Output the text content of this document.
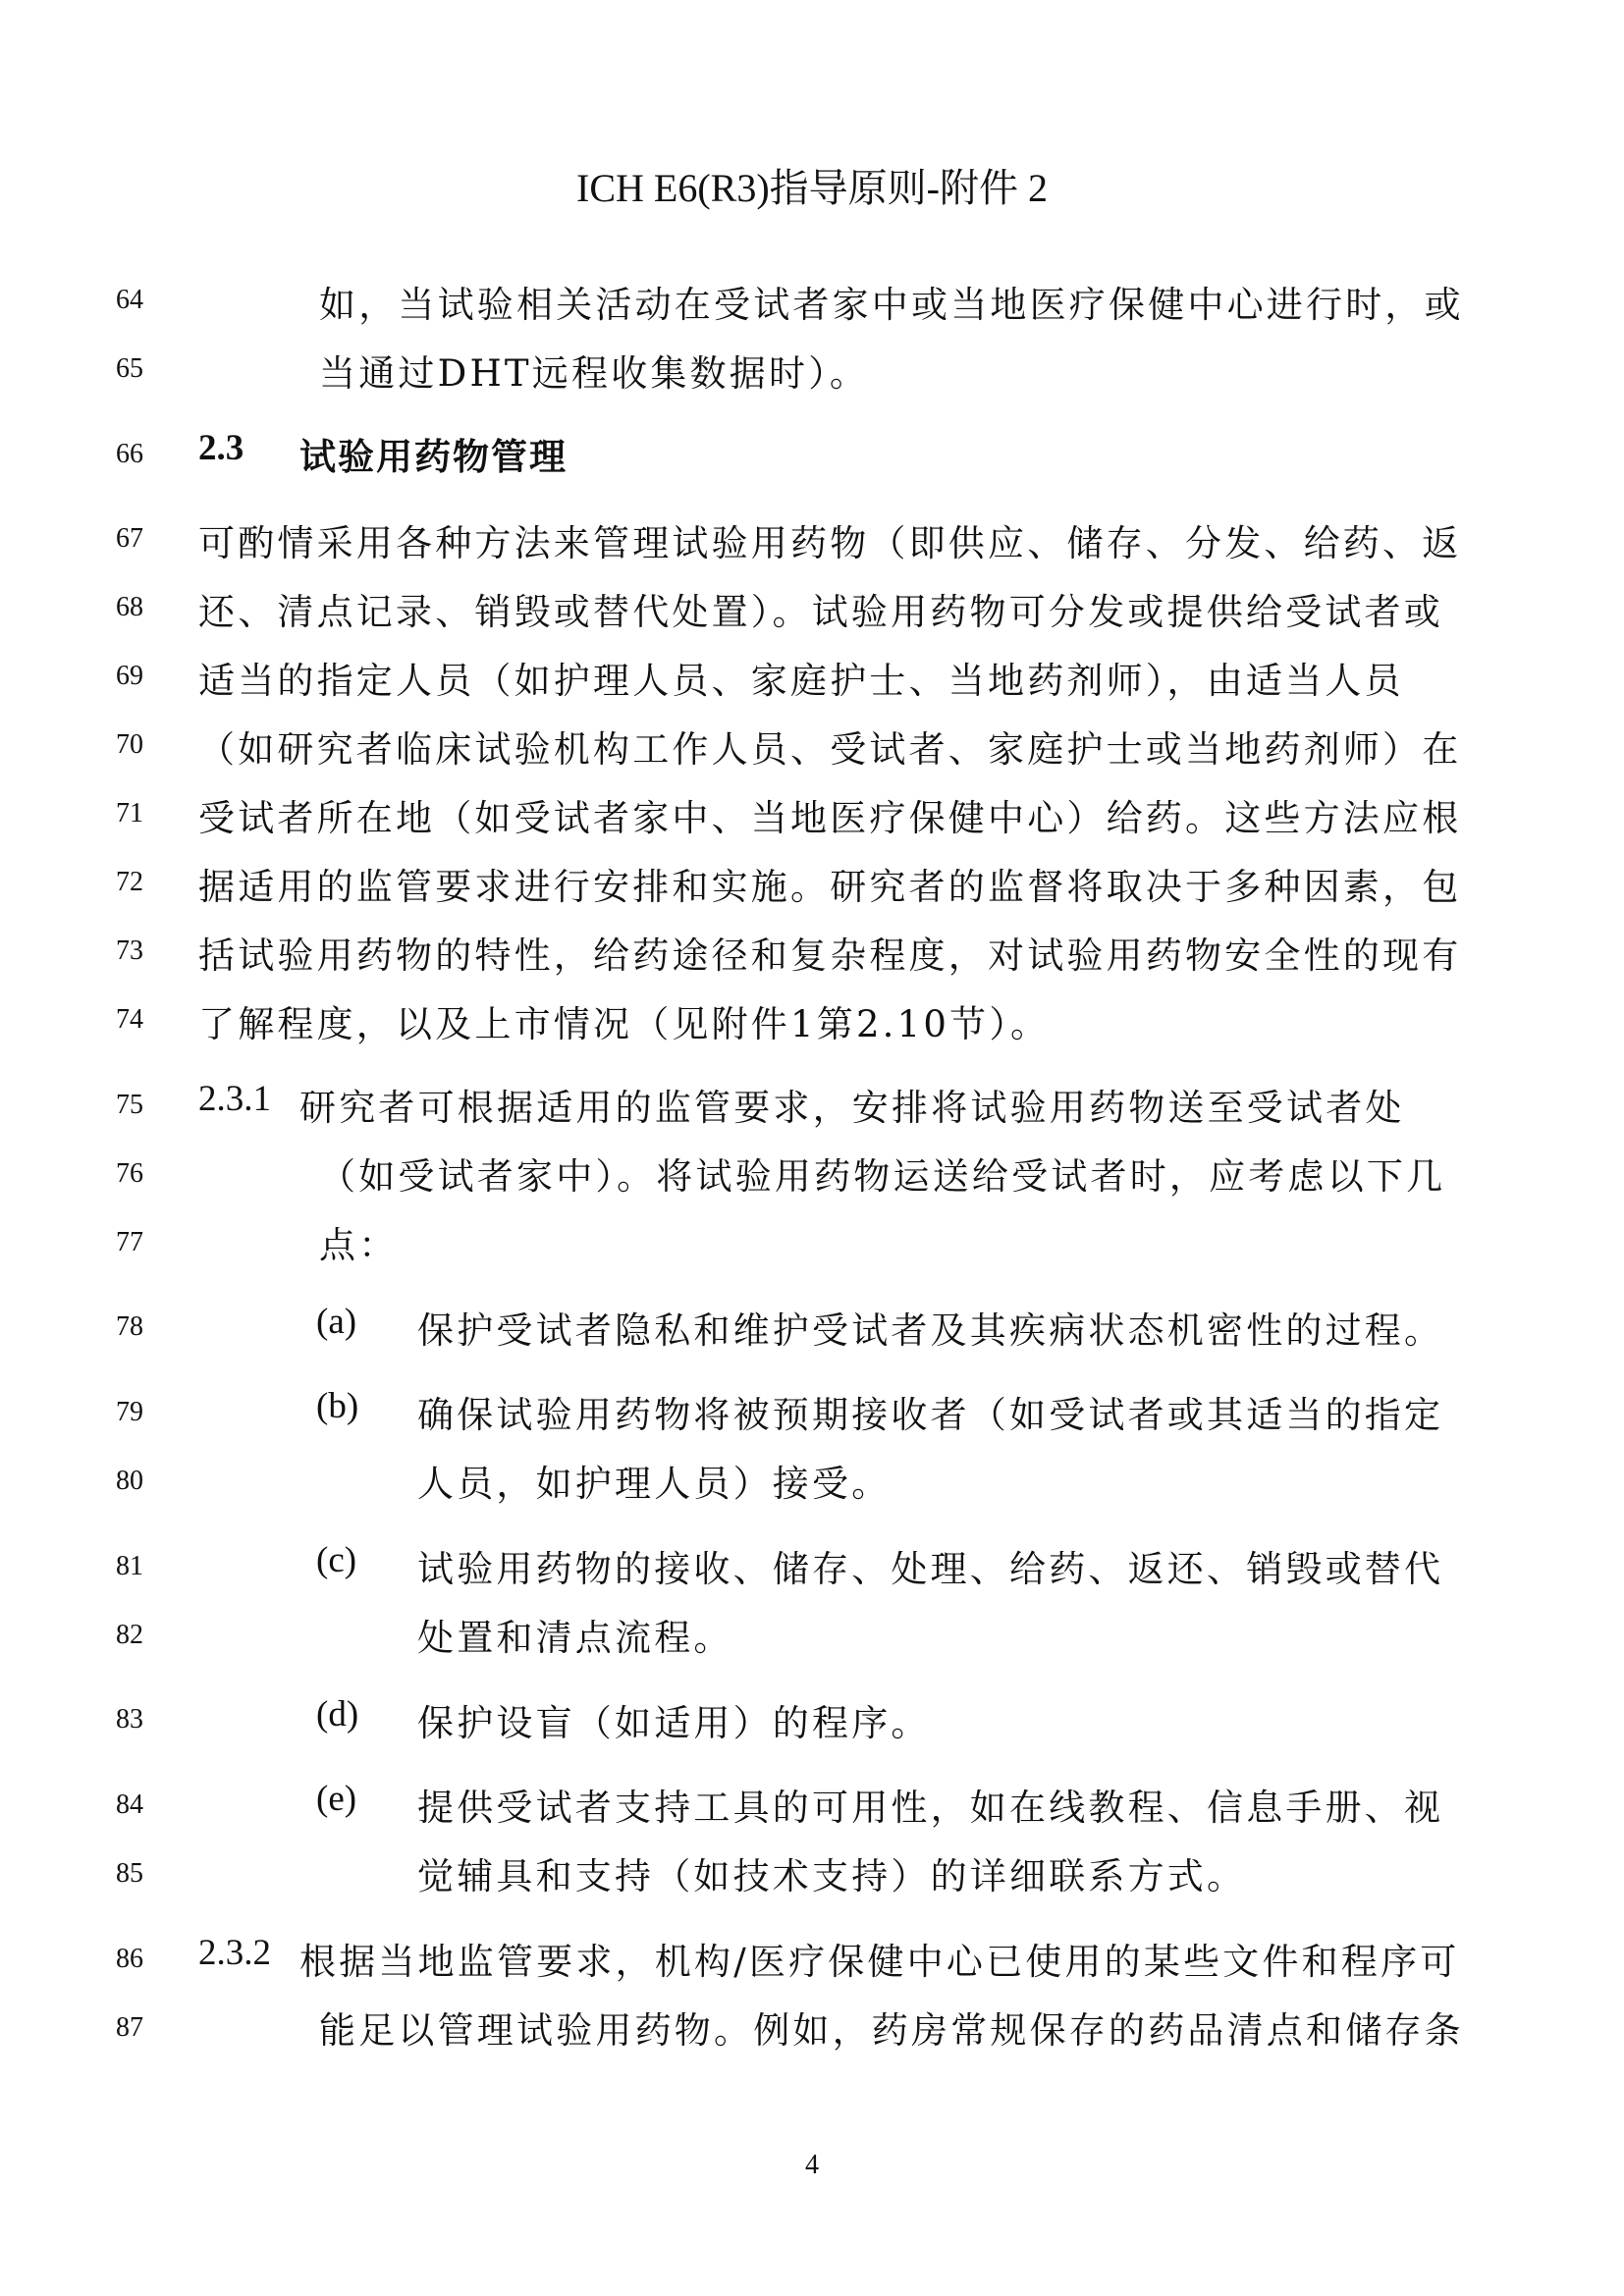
ICH E6(R3)指导原则-附件 2
64
65
66
67
68
69
70
71
72
73
74
75
76
77
78
79
80
81
82
83
84
85
86
87
如，当试验相关活动在受试者家中或当地医疗保健中心进行时，或
当通过DHT远程收集数据时）。
2.3 试验用药物管理
可酌情采用各种方法来管理试验用药物（即供应、储存、分发、给药、返
还、清点记录、销毁或替代处置）。试验用药物可分发或提供给受试者或
适当的指定人员（如护理人员、家庭护士、当地药剂师），由适当人员
（如研究者临床试验机构工作人员、受试者、家庭护士或当地药剂师）在
受试者所在地（如受试者家中、当地医疗保健中心）给药。这些方法应根
据适用的监管要求进行安排和实施。研究者的监督将取决于多种因素，包
括试验用药物的特性，给药途径和复杂程度，对试验用药物安全性的现有
了解程度，以及上市情况（见附件1第2.10节）。
2.3.1 研究者可根据适用的监管要求，安排将试验用药物送至受试者处
（如受试者家中）。将试验用药物运送给受试者时，应考虑以下几
点：
(a) 保护受试者隐私和维护受试者及其疾病状态机密性的过程。
(b) 确保试验用药物将被预期接收者（如受试者或其适当的指定
人员，如护理人员）接受。
(c) 试验用药物的接收、储存、处理、给药、返还、销毁或替代
处置和清点流程。
(d) 保护设盲（如适用）的程序。
(e) 提供受试者支持工具的可用性，如在线教程、信息手册、视
觉辅具和支持（如技术支持）的详细联系方式。
2.3.2 根据当地监管要求，机构/医疗保健中心已使用的某些文件和程序可
能足以管理试验用药物。例如，药房常规保存的药品清点和储存条
4
